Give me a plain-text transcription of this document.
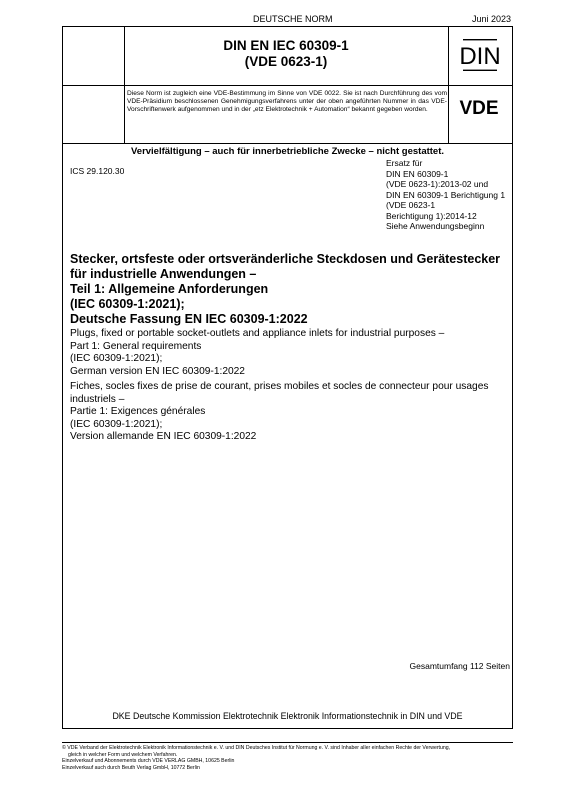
DEUTSCHE NORM	Juni 2023
DIN EN IEC 60309-1
(VDE 0623-1)	DIN
VDE
Diese Norm ist zugleich eine VDE-Bestimmung im Sinne von VDE 0022. Sie ist nach Durchführung des vom VDE-Präsidium beschlossenen Genehmigungsverfahrens unter der oben angeführten Nummer in das VDE-Vorschriftenwerk aufgenommen und in der „etz Elektrotechnik + Automation“ bekannt gegeben worden.
Vervielfältigung – auch für innerbetriebliche Zwecke – nicht gestattet.
ICS 29.120.30
Ersatz für
DIN EN 60309-1
(VDE 0623-1):2013-02 und
DIN EN 60309-1 Berichtigung 1
(VDE 0623-1
Berichtigung 1):2014-12
Siehe Anwendungsbeginn
Stecker, ortsfeste oder ortsveränderliche Steckdosen und Gerätestecker
für industrielle Anwendungen –
Teil 1: Allgemeine Anforderungen
(IEC 60309-1:2021);
Deutsche Fassung EN IEC 60309-1:2022
Plugs, fixed or portable socket-outlets and appliance inlets for industrial purposes –
Part 1: General requirements
(IEC 60309-1:2021);
German version EN IEC 60309-1:2022
Fiches, socles fixes de prise de courant, prises mobiles et socles de connecteur pour usages
industriels –
Partie 1: Exigences générales
(IEC 60309-1:2021);
Version allemande EN IEC 60309-1:2022
Gesamtumfang 112 Seiten
DKE Deutsche Kommission Elektrotechnik Elektronik Informationstechnik in DIN und VDE
© VDE Verband der Elektrotechnik Elektronik Informationstechnik e. V. und DIN Deutsches Institut für Normung e. V. sind Inhaber aller einfachen Rechte der Verwertung,
gleich in welcher Form und welchem Verfahren.
Einzelverkauf und Abonnements durch VDE VERLAG GMBH, 10625 Berlin
Einzelverkauf auch durch Beuth Verlag GmbH, 10772 Berlin
